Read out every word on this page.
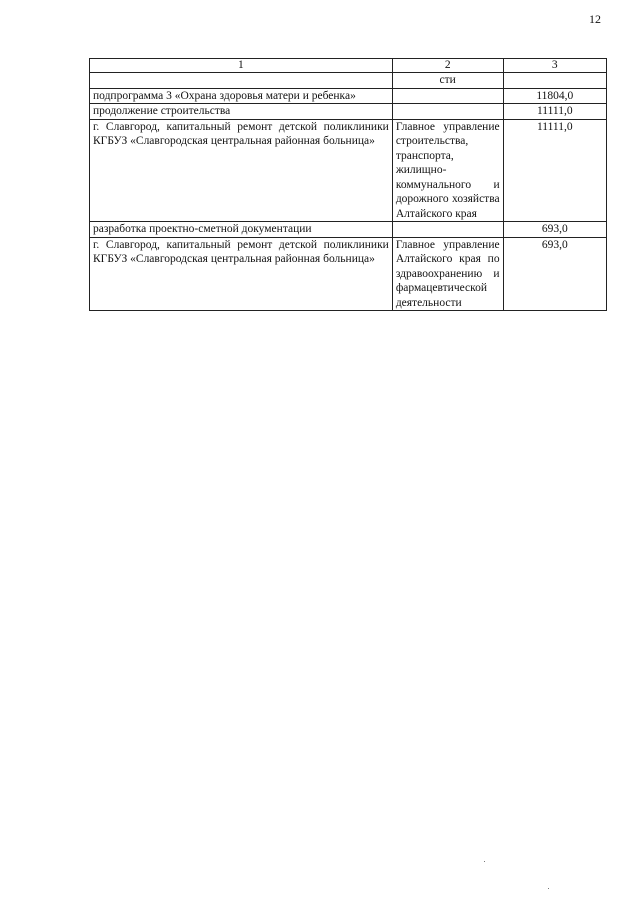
12
1	2	3
	сти	
подпрограмма 3 «Охрана здоровья матери и ребенка»		11804,0
продолжение строительства		11111,0
г. Славгород, капитальный ремонт детской поликлиники КГБУЗ «Славгородская центральная районная больница»	Главное управление строительства, транспорта, жилищно-коммунального и дорожного хозяйства Алтайского края	11111,0
разработка проектно-сметной документации		693,0
г. Славгород, капитальный ремонт детской поликлиники КГБУЗ «Славгородская центральная районная больница»	Главное управление Алтайского края по здравоохранению и фармацевтической деятельности	693,0
